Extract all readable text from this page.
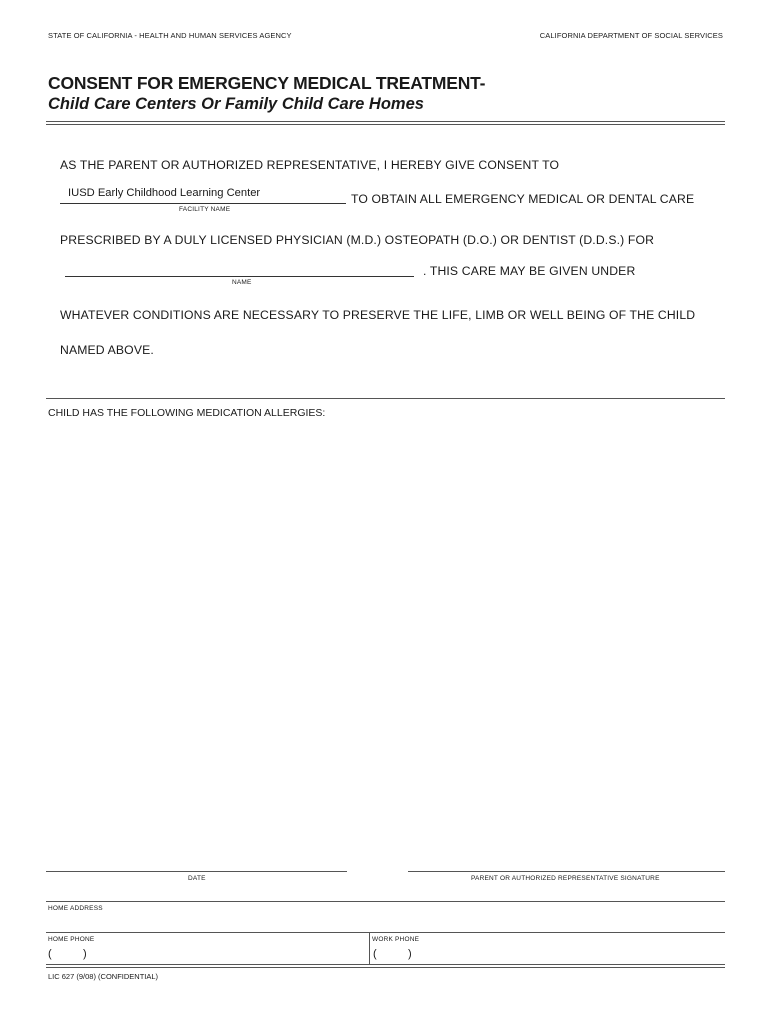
STATE OF CALIFORNIA - HEALTH AND HUMAN SERVICES AGENCY	CALIFORNIA DEPARTMENT OF SOCIAL SERVICES
CONSENT FOR EMERGENCY MEDICAL TREATMENT-
Child Care Centers Or Family Child Care Homes
AS THE PARENT OR AUTHORIZED REPRESENTATIVE, I HEREBY GIVE CONSENT TO
IUSD Early Childhood Learning Center	TO OBTAIN ALL EMERGENCY MEDICAL OR DENTAL CARE
FACILITY NAME
PRESCRIBED BY A DULY LICENSED PHYSICIAN (M.D.) OSTEOPATH (D.O.) OR DENTIST (D.D.S.) FOR
. THIS CARE MAY BE GIVEN UNDER
NAME
WHATEVER CONDITIONS ARE NECESSARY TO PRESERVE THE LIFE, LIMB OR WELL BEING OF THE CHILD
NAMED ABOVE.
CHILD HAS THE FOLLOWING MEDICATION ALLERGIES:
DATE	PARENT OR AUTHORIZED REPRESENTATIVE SIGNATURE
HOME ADDRESS
HOME PHONE
(	)
WORK PHONE
(	)
LIC 627 (9/08) (CONFIDENTIAL)
